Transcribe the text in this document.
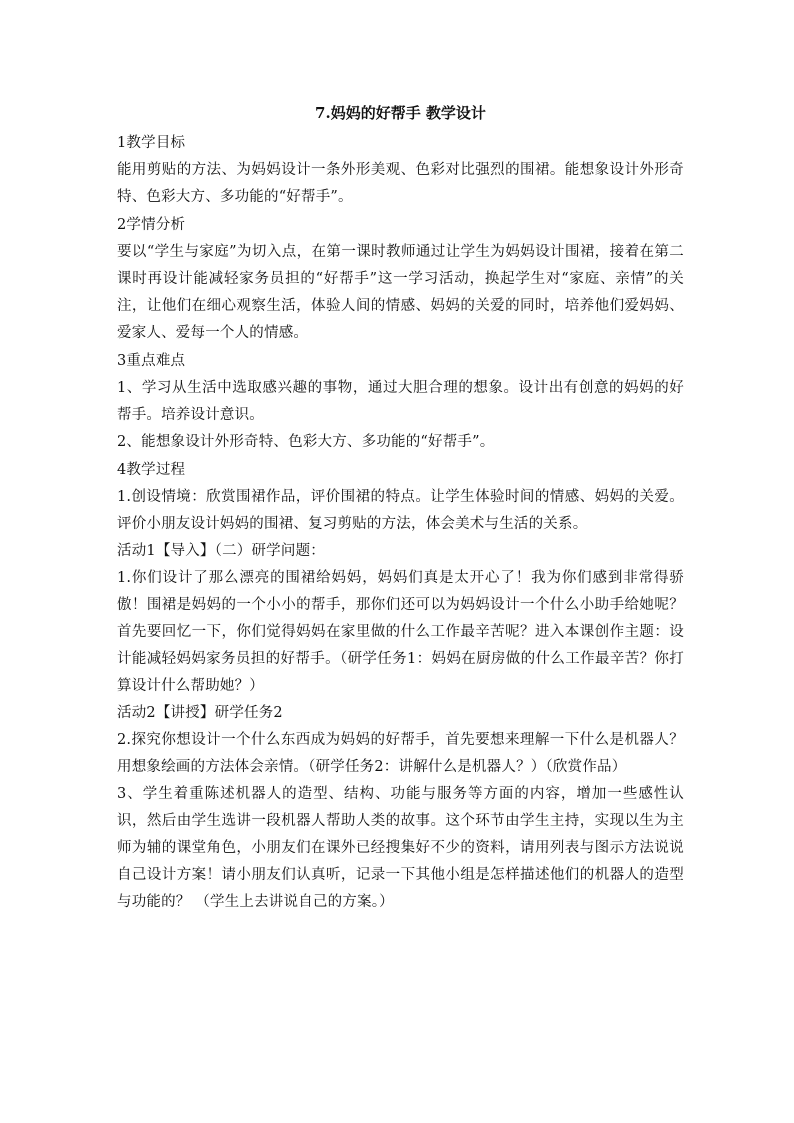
7.妈妈的好帮手 教学设计
1教学目标

能用剪贴的方法、为妈妈设计一条外形美观、色彩对比强烈的围裙。能想象设计外形奇特、色彩大方、多功能的“好帮手”。

2学情分析

要以“学生与家庭”为切入点，在第一课时教师通过让学生为妈妈设计围裙，接着在第二课时再设计能减轻家务员担的“好帮手”这一学习活动，换起学生对“家庭、亲情”的关注，让他们在细心观察生活，体验人间的情感、妈妈的关爱的同时，培养他们爱妈妈、爱家人、爱每一个人的情感。

3重点难点

1、学习从生活中选取感兴趣的事物，通过大胆合理的想象。设计出有创意的妈妈的好帮手。培养设计意识。

2、能想象设计外形奇特、色彩大方、多功能的“好帮手”。

4教学过程

1.创设情境：欣赏围裙作品，评价围裙的特点。让学生体验时间的情感、妈妈的关爱。评价小朋友设计妈妈的围裙、复习剪贴的方法，体会美术与生活的关系。

活动1【导入】（二）研学问题：

1.你们设计了那么漂亮的围裙给妈妈，妈妈们真是太开心了！我为你们感到非常得骄傲！围裙是妈妈的一个小小的帮手，那你们还可以为妈妈设计一个什么小助手给她呢？首先要回忆一下，你们觉得妈妈在家里做的什么工作最辛苦呢？进入本课创作主题：设计能减轻妈妈家务员担的好帮手。（研学任务1：妈妈在厨房做的什么工作最辛苦？你打算设计什么帮助她？）

活动2【讲授】研学任务2

2.探究你想设计一个什么东西成为妈妈的好帮手，首先要想来理解一下什么是机器人？ 用想象绘画的方法体会亲情。（研学任务2：讲解什么是机器人？）（欣赏作品）

3、学生着重陈述机器人的造型、结构、功能与服务等方面的内容，增加一些感性认识，然后由学生选讲一段机器人帮助人类的故事。这个环节由学生主持，实现以生为主师为辅的课堂角色，小朋友们在课外已经搜集好不少的资料，请用列表与图示方法说说自己设计方案！请小朋友们认真听，记录一下其他小组是怎样描述他们的机器人的造型与功能的？ （学生上去讲说自己的方案。）
